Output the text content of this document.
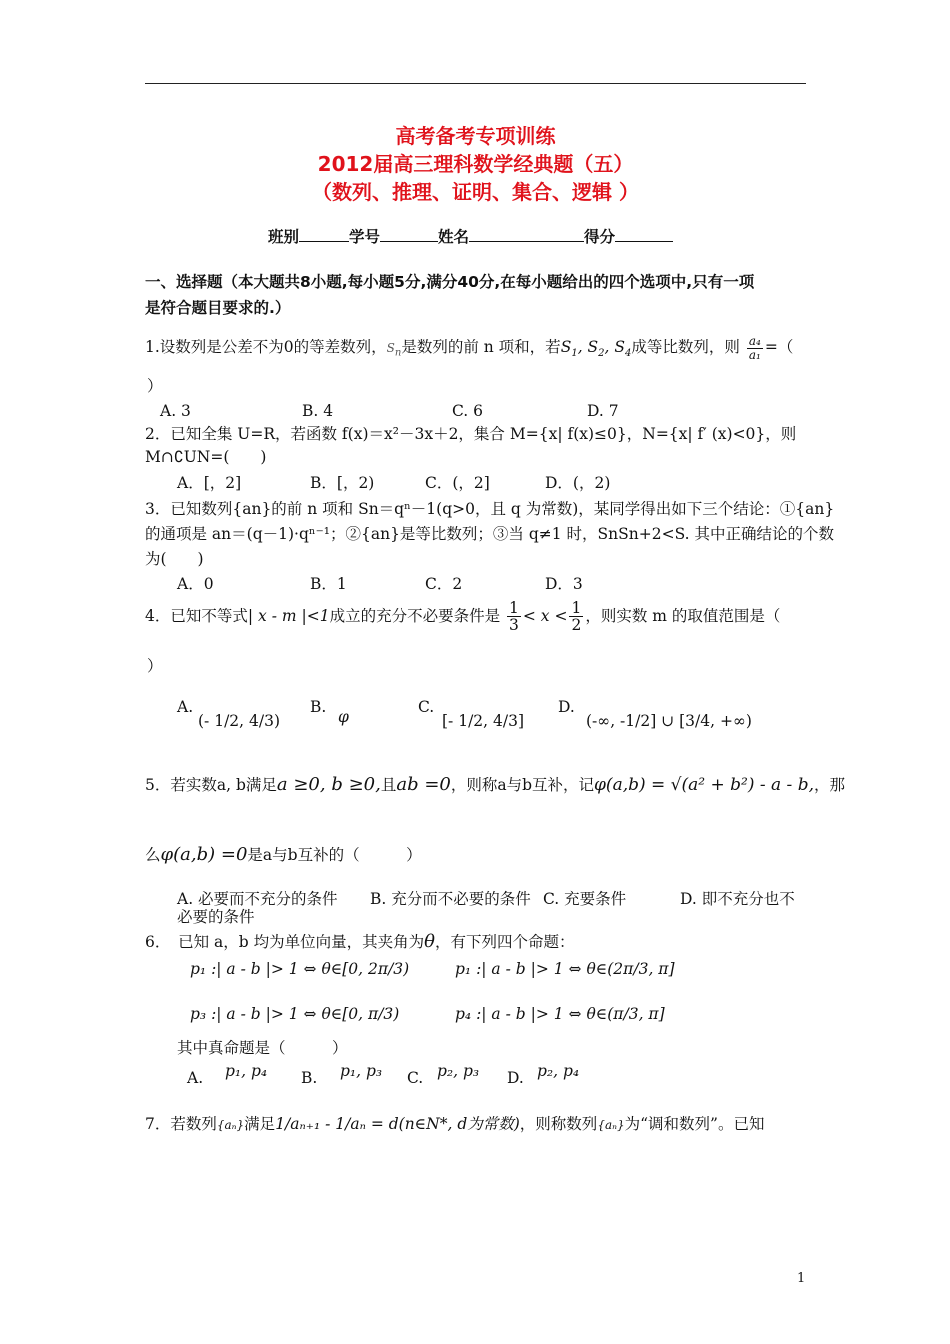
高考备考专项训练
2012届高三理科数学经典题（五）
（数列、推理、证明、集合、逻辑 ）
班别	学号	姓名	得分
一、选择题（本大题共8小题,每小题5分,满分40分,在每小题给出的四个选项中,只有一项
是符合题目要求的.）
1.设数列是公差不为0的等差数列，$S_n$是数列的前 n 项和，若$S_1$, $S_2$, $S_4$成等比数列，则 $\frac{\text{a₄}}{\text{a₁}}$ =（
）
A. 3	B. 4	C. 6	D. 7
2．已知全集 U=R，若函数 f(x)＝x²－3x＋2，集合 M={x| f(x)≤0}，N={x| f′ (x)<0}，则
M∩∁UN=(　　)
A．[，2]	B．[，2)	C．(，2]	D．(，2)
3．已知数列{an}的前 n 项和 Sn＝qⁿ－1(q>0，且 q 为常数)，某同学得出如下三个结论：①{an}
的通项是 an＝(q－1)·qⁿ⁻¹；②{an}是等比数列；③当 q≠1 时，SnSn+2<S. 其中正确结论的个数
为(　　)
A．0	B．1	C．2	D．3
4．已知不等式| x - m |<1成立的充分不必要条件是 $\frac{1}{3} < x < \frac{1}{2}$ ，则实数 m 的取值范围是（
）
A.
(- 1/2, 4/3)
B.
φ
C.
[- 1/2, 4/3]
D.
(-∞, -1/2] ∪ [3/4, +∞)
5．若实数a, b满足a ≥0, b ≥0,且ab =0，则称a与b互补，记φ(a,b) = √(a² + b²) - a - b,，那
么φ(a,b) =0是a与b互补的（　　　）
A. 必要而不充分的条件 B. 充分而不必要的条件 C. 充要条件	D. 即不充分也不
必要的条件
6．　已知 a，b 均为单位向量，其夹角为θ，有下列四个命题：
p₁ :| a - b |> 1 ⇔ θ∈[0, 2π/3)	p₁ :| a - b |> 1 ⇔ θ∈(2π/3, π]
p₃ :| a - b |> 1 ⇔ θ∈[0, π/3)	p₄ :| a - b |> 1 ⇔ θ∈(π/3, π]
其中真命题是（　　　）
A. p₁, p₄ B. p₁, p₃ C. p₂, p₃ D. p₂, p₄
7．若数列{aₙ}满足1/aₙ₊₁ - 1/aₙ = d(n∈N*, d为常数)，则称数列{aₙ}为“调和数列”。已知
1
